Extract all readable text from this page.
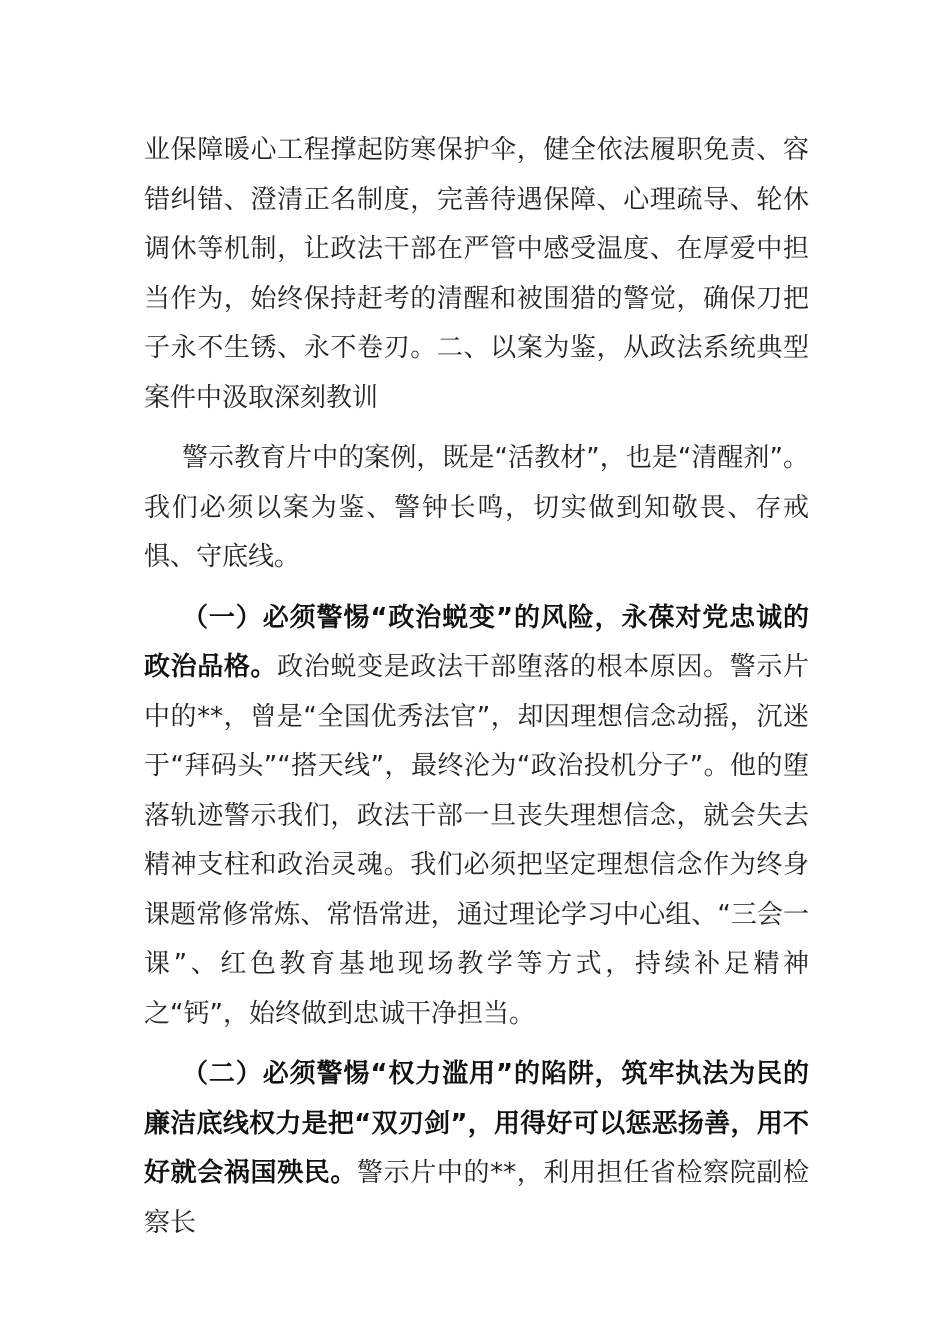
业保障暖心工程撑起防寒保护伞，健全依法履职免责、容错纠错、澄清正名制度，完善待遇保障、心理疏导、轮休调休等机制，让政法干部在严管中感受温度、在厚爱中担当作为，始终保持赶考的清醒和被围猎的警觉，确保刀把子永不生锈、永不卷刃。二、以案为鉴，从政法系统典型案件中汲取深刻教训

警示教育片中的案例，既是“活教材”，也是“清醒剂”。我们必须以案为鉴、警钟长鸣，切实做到知敬畏、存戒惧、守底线。

（一）必须警惕“政治蜕变”的风险，永葆对党忠诚的政治品格。政治蜕变是政法干部堕落的根本原因。警示片中的**，曾是“全国优秀法官”，却因理想信念动摇，沉迷于“拜码头”“搭天线”，最终沦为“政治投机分子”。他的堕落轨迹警示我们，政法干部一旦丧失理想信念，就会失去精神支柱和政治灵魂。我们必须把坚定理想信念作为终身课题常修常炼、常悟常进，通过理论学习中心组、“三会一课”、红色教育基地现场教学等方式，持续补足精神之“钙”，始终做到忠诚干净担当。

（二）必须警惕“权力滥用”的陷阱，筑牢执法为民的廉洁底线权力是把“双刃剑”，用得好可以惩恶扬善，用不好就会祸国殃民。警示片中的**，利用担任省检察院副检察长
